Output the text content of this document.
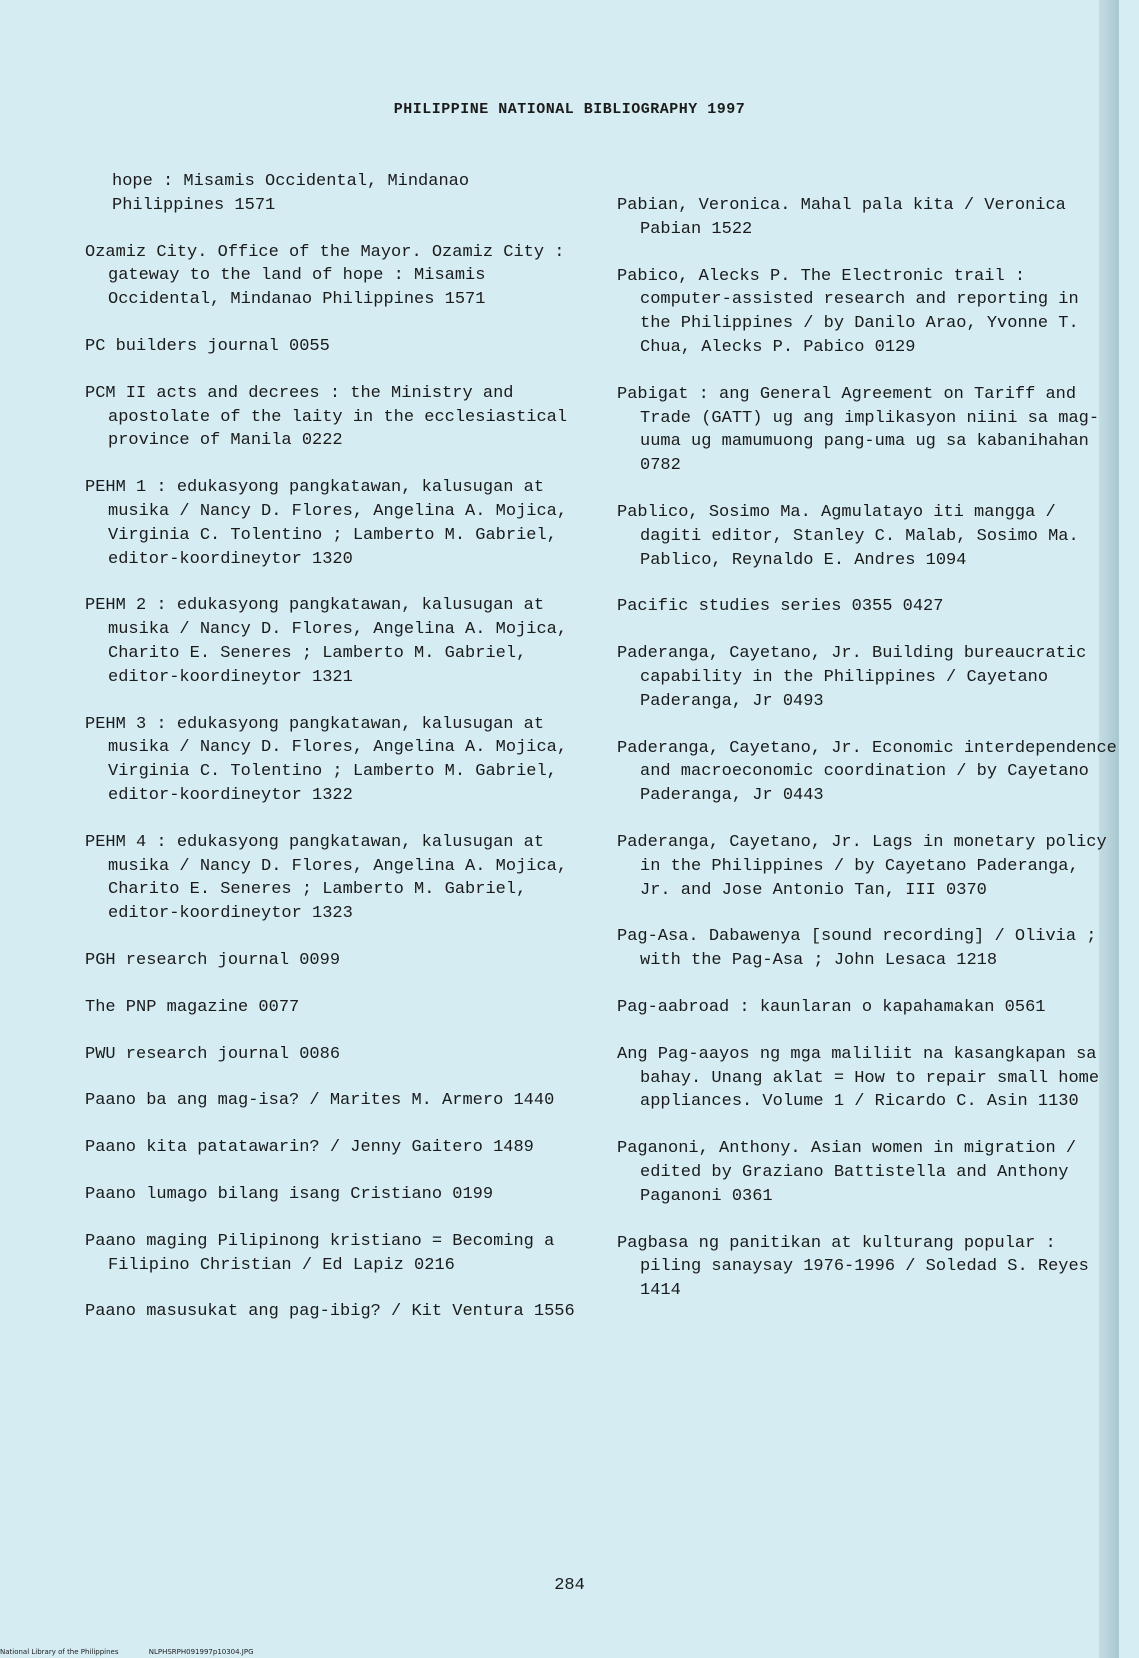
PHILIPPINE NATIONAL BIBLIOGRAPHY 1997

hope : Misamis Occidental, Mindanao Philippines 1571

Ozamiz City. Office of the Mayor. Ozamiz City : gateway to the land of hope : Misamis Occidental, Mindanao Philippines 1571

PC builders journal 0055

PCM II acts and decrees : the Ministry and apostolate of the laity in the ecclesiastical province of Manila 0222

PEHM 1 : edukasyong pangkatawan, kalusugan at musika / Nancy D. Flores, Angelina A. Mojica, Virginia C. Tolentino ; Lamberto M. Gabriel, editor-koordineytor 1320

PEHM 2 : edukasyong pangkatawan, kalusugan at musika / Nancy D. Flores, Angelina A. Mojica, Charito E. Seneres ; Lamberto M. Gabriel, editor-koordineytor 1321

PEHM 3 : edukasyong pangkatawan, kalusugan at musika / Nancy D. Flores, Angelina A. Mojica, Virginia C. Tolentino ; Lamberto M. Gabriel, editor-koordineytor 1322

PEHM 4 : edukasyong pangkatawan, kalusugan at musika / Nancy D. Flores, Angelina A. Mojica, Charito E. Seneres ; Lamberto M. Gabriel, editor-koordineytor 1323

PGH research journal 0099

The PNP magazine 0077

PWU research journal 0086

Paano ba ang mag-isa? / Marites M. Armero 1440

Paano kita patatawarin? / Jenny Gaitero 1489

Paano lumago bilang isang Cristiano 0199

Paano maging Pilipinong kristiano = Becoming a Filipino Christian / Ed Lapiz 0216

Paano masusukat ang pag-ibig? / Kit Ventura 1556

Pabian, Veronica. Mahal pala kita / Veronica Pabian 1522

Pabico, Alecks P. The Electronic trail : computer-assisted research and reporting in the Philippines / by Danilo Arao, Yvonne T. Chua, Alecks P. Pabico 0129

Pabigat : ang General Agreement on Tariff and Trade (GATT) ug ang implikasyon niini sa mag-uuma ug mamumuong pang-uma ug sa kabanihahan 0782

Pablico, Sosimo Ma. Agmulatayo iti mangga / dagiti editor, Stanley C. Malab, Sosimo Ma. Pablico, Reynaldo E. Andres 1094

Pacific studies series 0355 0427

Paderanga, Cayetano, Jr. Building bureaucratic capability in the Philippines / Cayetano Paderanga, Jr 0493

Paderanga, Cayetano, Jr. Economic interdependence and macroeconomic coordination / by Cayetano Paderanga, Jr 0443

Paderanga, Cayetano, Jr. Lags in monetary policy in the Philippines / by Cayetano Paderanga, Jr. and Jose Antonio Tan, III 0370

Pag-Asa. Dabawenya [sound recording] / Olivia ; with the Pag-Asa ; John Lesaca 1218

Pag-aabroad : kaunlaran o kapahamakan 0561

Ang Pag-aayos ng mga maliliit na kasangkapan sa bahay. Unang aklat = How to repair small home appliances. Volume 1 / Ricardo C. Asin 1130

Paganoni, Anthony. Asian women in migration / edited by Graziano Battistella and Anthony Paganoni 0361

Pagbasa ng panitikan at kulturang popular : piling sanaysay 1976-1996 / Soledad S. Reyes 1414

284
National Library of the Philippines	NLPHSRPH091997p10304.JPG
